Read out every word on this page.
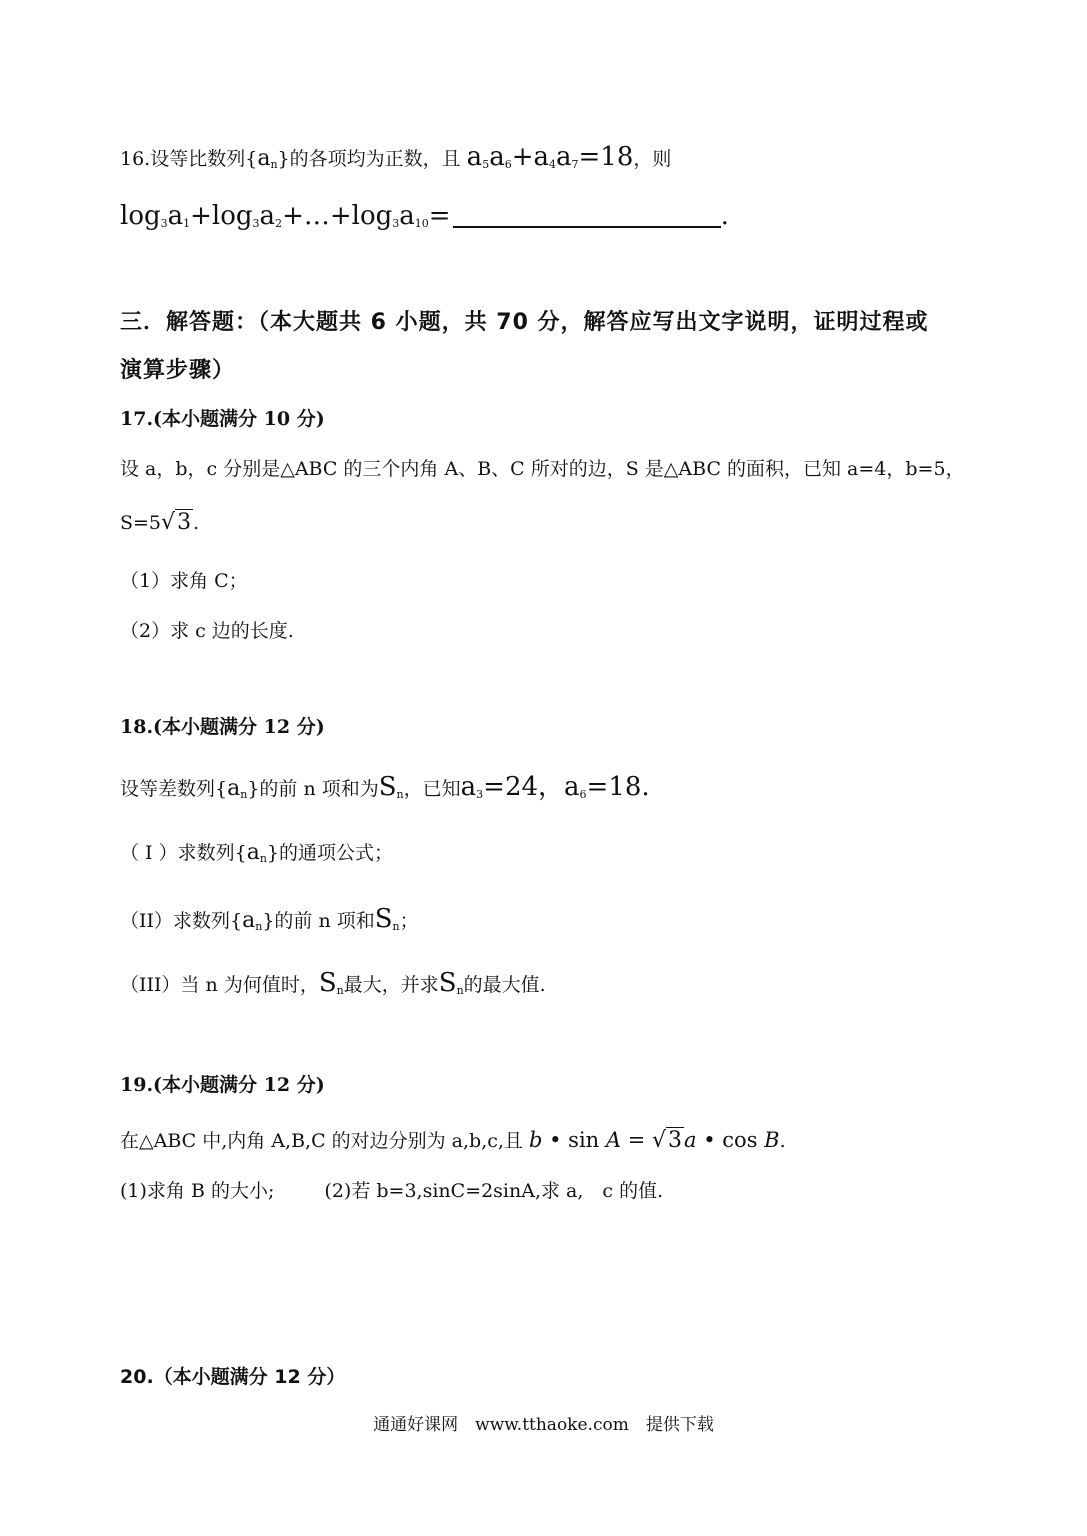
16.设等比数列$\{a_n\}$的各项均为正数，且 $a_5a_6+a_4a_7=18$，则
$\log_3a_1+\log_3a_2+\dots+\log_3a_{10}=$	.
三．解答题：（本大题共 6 小题，共 70 分，解答应写出文字说明，证明过程或
演算步骤）
17.(本小题满分 10 分)
设 a，b，c 分别是△ABC 的三个内角 A、B、C 所对的边，S 是△ABC 的面积，已知 a=4，b=5，
S=5√3 .
（1）求角 C；
（2）求 c 边的长度.
18.(本小题满分 12 分)
设等差数列$\{a_n\}$的前 n 项和为$S_n$，已知$a_3=24$，$a_6=18$.
（ I ）求数列$\{a_n\}$的通项公式；
（II）求数列$\{a_n\}$的前 n 项和$S_n$；
（III）当 n 为何值时，$S_n$最大，并求$S_n$的最大值.
19.(本小题满分 12 分)
在△ABC 中,内角 A,B,C 的对边分别为 a,b,c,且 b • sin A = √3a • cos B.
(1)求角 B 的大小;	(2)若 b=3,sinC=2sinA,求 a,　c 的值.
20.（本小题满分 12 分）
通通好课网　www.tthaoke.com　提供下载
